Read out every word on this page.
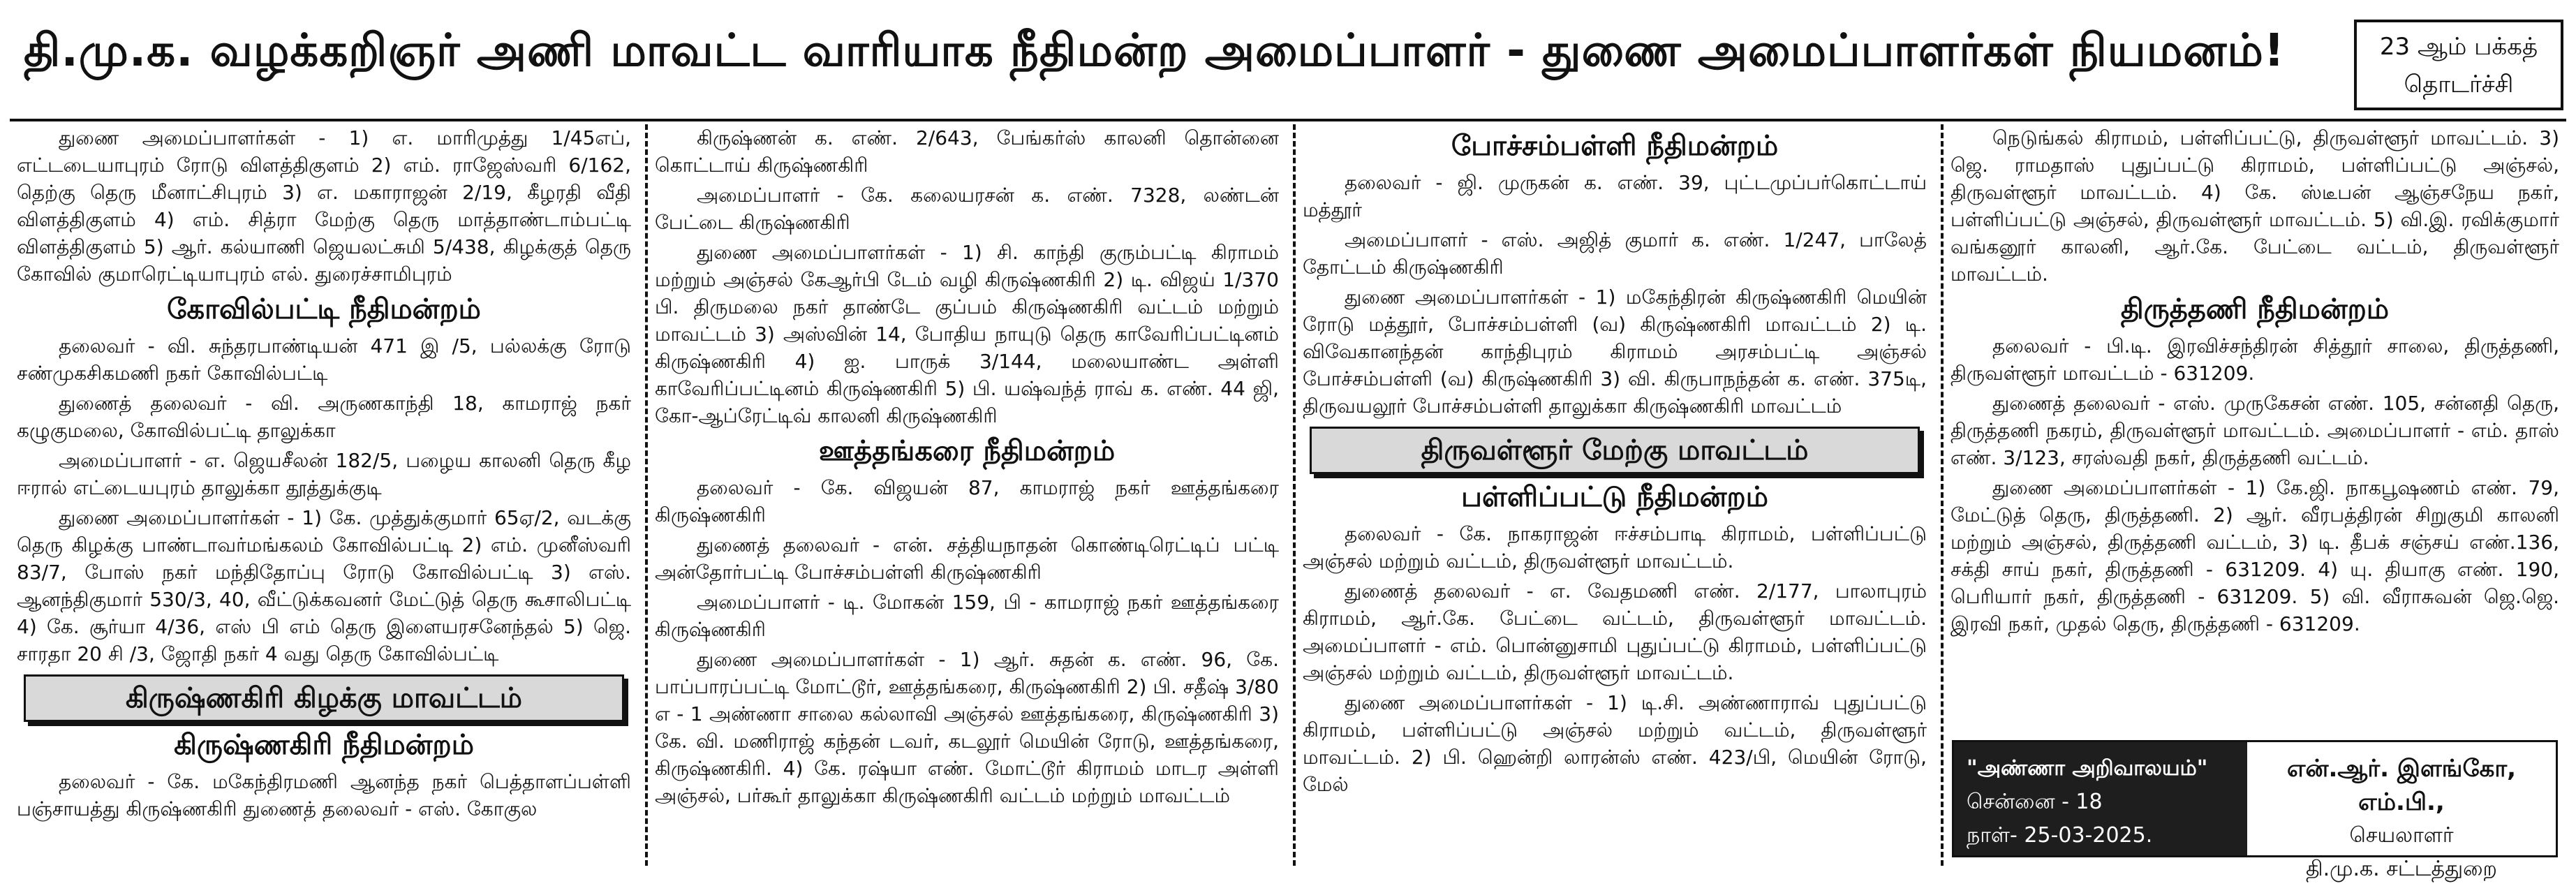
தி.மு.க. வழக்கறிஞர் அணி மாவட்ட வாரியாக நீதிமன்ற அமைப்பாளர் - துணை அமைப்பாளர்கள் நியமனம்!	23 ஆம் பக்கத்
தொடர்ச்சி

துணை அமைப்பாளர்கள் - 1) எ. மாரிமுத்து 1/45எப், எட்டடையாபுரம் ரோடு விளத்திகுளம் 2) எம். ராஜேஸ்வரி 6/162, தெற்கு தெரு மீனாட்சிபுரம் 3) எ. மகாராஜன் 2/19, கீழரதி வீதி விளத்திகுளம் 4) எம். சித்ரா மேற்கு தெரு மாத்தாண்டாம்பட்டி விளத்திகுளம் 5) ஆர். கல்யாணி ஜெயலட்சுமி 5/438, கிழக்குத் தெரு கோவில் குமாரெட்டியாபுரம் எல். துரைச்சாமிபுரம்

கோவில்பட்டி நீதிமன்றம்

தலைவர் - வி. சுந்தரபாண்டியன் 471 இ /5, பல்லக்கு ரோடு சண்முகசிகமணி நகர் கோவில்பட்டி

துணைத் தலைவர் - வி. அருணகாந்தி 18, காமராஜ் நகர் கழுகுமலை, கோவில்பட்டி தாலுக்கா

அமைப்பாளர் - எ. ஜெயசீலன் 182/5, பழைய காலனி தெரு கீழ ஈரால் எட்டையபுரம் தாலுக்கா தூத்துக்குடி

துணை அமைப்பாளர்கள் - 1) கே. முத்துக்குமார் 65ஏ/2, வடக்கு தெரு கிழக்கு பாண்டாவர்மங்கலம் கோவில்பட்டி 2) எம். முனீஸ்வரி 83/7, போஸ் நகர் மந்திதோப்பு ரோடு கோவில்பட்டி 3) எஸ். ஆனந்திகுமார் 530/3, 40, வீட்டுக்கவனர் மேட்டுத் தெரு கூசாலிபட்டி 4) கே. சூர்யா 4/36, எஸ் பி எம் தெரு இளையரசனேந்தல் 5) ஜெ. சாரதா 20 சி /3, ஜோதி நகர் 4 வது தெரு கோவில்பட்டி

கிருஷ்ணகிரி கிழக்கு மாவட்டம்
கிருஷ்ணகிரி நீதிமன்றம்

தலைவர் - கே. மகேந்திரமணி ஆனந்த நகர் பெத்தாளப்பள்ளி பஞ்சாயத்து கிருஷ்ணகிரி துணைத் தலைவர் - எஸ். கோகுல

கிருஷ்ணன் க. எண். 2/643, பேங்கர்ஸ் காலனி தொன்னை கொட்டாய் கிருஷ்ணகிரி

அமைப்பாளர் - கே. கலையரசன் க. எண். 7328, லண்டன் பேட்டை கிருஷ்ணகிரி

துணை அமைப்பாளர்கள் - 1) சி. காந்தி குரும்பட்டி கிராமம் மற்றும் அஞ்சல் கேஆர்பி டேம் வழி கிருஷ்ணகிரி 2) டி. விஜய் 1/370 பி. திருமலை நகர் தாண்டே குப்பம் கிருஷ்ணகிரி வட்டம் மற்றும் மாவட்டம் 3) அஸ்வின் 14, போதிய நாயுடு தெரு காவேரிப்பட்டினம் கிருஷ்ணகிரி 4) ஐ. பாருக் 3/144, மலையாண்ட அள்ளி காவேரிப்பட்டினம் கிருஷ்ணகிரி 5) பி. யஷ்வந்த் ராவ் க. எண். 44 ஜி, கோ-ஆப்ரேட்டிவ் காலனி கிருஷ்ணகிரி

ஊத்தங்கரை நீதிமன்றம்

தலைவர் - கே. விஜயன் 87, காமராஜ் நகர் ஊத்தங்கரை கிருஷ்ணகிரி

துணைத் தலைவர் - என். சத்தியநாதன் கொண்டிரெட்டிப் பட்டி அன்தோர்பட்டி போச்சம்பள்ளி கிருஷ்ணகிரி

அமைப்பாளர் - டி. மோகன் 159, பி - காமராஜ் நகர் ஊத்தங்கரை கிருஷ்ணகிரி

துணை அமைப்பாளர்கள் - 1) ஆர். சுதன் க. எண். 96, கே. பாப்பாரப்பட்டி மோட்டூர், ஊத்தங்கரை, கிருஷ்ணகிரி 2) பி. சதீஷ் 3/80 எ - 1 அண்ணா சாலை கல்லாவி அஞ்சல் ஊத்தங்கரை, கிருஷ்ணகிரி 3) கே. வி. மணிராஜ் கந்தன் டவர், கடலூர் மெயின் ரோடு, ஊத்தங்கரை, கிருஷ்ணகிரி. 4) கே. ரஷ்யா எண். மோட்டூர் கிராமம் மாடர அள்ளி அஞ்சல், பர்கூர் தாலுக்கா கிருஷ்ணகிரி வட்டம் மற்றும் மாவட்டம்

போச்சம்பள்ளி நீதிமன்றம்

தலைவர் - ஜி. முருகன் க. எண். 39, புட்டமுப்பர்கொட்டாய் மத்தூர்

அமைப்பாளர் - எஸ். அஜித் குமார் க. எண். 1/247, பாலேத் தோட்டம் கிருஷ்ணகிரி

துணை அமைப்பாளர்கள் - 1) மகேந்திரன் கிருஷ்ணகிரி மெயின் ரோடு மத்தூர், போச்சம்பள்ளி (வ) கிருஷ்ணகிரி மாவட்டம் 2) டி. விவேகானந்தன் காந்திபுரம் கிராமம் அரசம்பட்டி அஞ்சல் போச்சம்பள்ளி (வ) கிருஷ்ணகிரி 3) வி. கிருபாநந்தன் க. எண். 375டி, திருவயலூர் போச்சம்பள்ளி தாலுக்கா கிருஷ்ணகிரி மாவட்டம்

திருவள்ளூர் மேற்கு மாவட்டம்
பள்ளிப்பட்டு நீதிமன்றம்

தலைவர் - கே. நாகராஜன் ஈச்சம்பாடி கிராமம், பள்ளிப்பட்டு அஞ்சல் மற்றும் வட்டம், திருவள்ளூர் மாவட்டம்.

துணைத் தலைவர் - எ. வேதமணி எண். 2/177, பாலாபுரம் கிராமம், ஆர்.கே. பேட்டை வட்டம், திருவள்ளூர் மாவட்டம். அமைப்பாளர் - எம். பொன்னுசாமி புதுப்பட்டு கிராமம், பள்ளிப்பட்டு அஞ்சல் மற்றும் வட்டம், திருவள்ளூர் மாவட்டம்.

துணை அமைப்பாளர்கள் - 1) டி.சி. அண்ணாராவ் புதுப்பட்டு கிராமம், பள்ளிப்பட்டு அஞ்சல் மற்றும் வட்டம், திருவள்ளூர் மாவட்டம். 2) பி. ஹென்றி லாரன்ஸ் எண். 423/பி, மெயின் ரோடு, மேல்

நெடுங்கல் கிராமம், பள்ளிப்பட்டு, திருவள்ளூர் மாவட்டம். 3) ஜெ. ராமதாஸ் புதுப்பட்டு கிராமம், பள்ளிப்பட்டு அஞ்சல், திருவள்ளூர் மாவட்டம். 4) கே. ஸ்டீபன் ஆஞ்சநேய நகர், பள்ளிப்பட்டு அஞ்சல், திருவள்ளூர் மாவட்டம். 5) வி.இ. ரவிக்குமார் வங்கனூர் காலனி, ஆர்.கே. பேட்டை வட்டம், திருவள்ளூர் மாவட்டம்.

திருத்தணி நீதிமன்றம்

தலைவர் - பி.டி. இரவிச்சந்திரன் சித்தூர் சாலை, திருத்தணி, திருவள்ளூர் மாவட்டம் - 631209.

துணைத் தலைவர் - எஸ். முருகேசன் எண். 105, சன்னதி தெரு, திருத்தணி நகரம், திருவள்ளூர் மாவட்டம். அமைப்பாளர் - எம். தாஸ் எண். 3/123, சரஸ்வதி நகர், திருத்தணி வட்டம்.

துணை அமைப்பாளர்கள் - 1) கே.ஜி. நாகபூஷணம் எண். 79, மேட்டுத் தெரு, திருத்தணி. 2) ஆர். வீரபத்திரன் சிறுகுமி காலனி மற்றும் அஞ்சல், திருத்தணி வட்டம், 3) டி. தீபக் சஞ்சய் எண்.136, சக்தி சாய் நகர், திருத்தணி - 631209. 4) யு. தியாகு எண். 190, பெரியார் நகர், திருத்தணி - 631209. 5) வி. வீராசுவன் ஜெ.ஜெ. இரவி நகர், முதல் தெரு, திருத்தணி - 631209.

"அண்ணா அறிவாலயம்"
சென்னை - 18
நாள்- 25-03-2025.
என்.ஆர். இளங்கோ, எம்.பி.,
செயலாளர்
தி.மு.க. சட்டத்துறை
